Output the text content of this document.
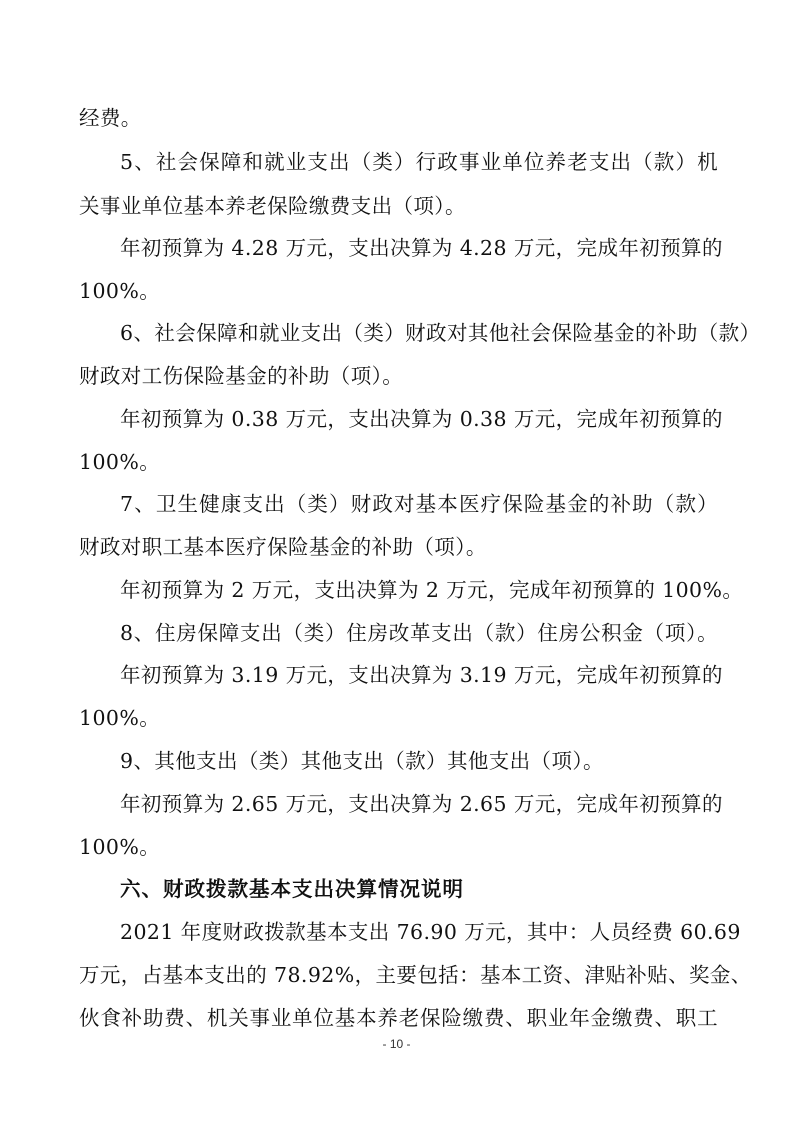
经费。
5、社会保障和就业支出（类）行政事业单位养老支出（款）机
关事业单位基本养老保险缴费支出（项）。
年初预算为 4.28 万元，支出决算为 4.28 万元，完成年初预算的
100%。
6、社会保障和就业支出（类）财政对其他社会保险基金的补助（款）
财政对工伤保险基金的补助（项）。
年初预算为 0.38 万元，支出决算为 0.38 万元，完成年初预算的
100%。
7、卫生健康支出（类）财政对基本医疗保险基金的补助（款）
财政对职工基本医疗保险基金的补助（项）。
年初预算为 2 万元，支出决算为 2 万元，完成年初预算的 100%。
8、住房保障支出（类）住房改革支出（款）住房公积金（项）。
年初预算为 3.19 万元，支出决算为 3.19 万元，完成年初预算的
100%。
9、其他支出（类）其他支出（款）其他支出（项）。
年初预算为 2.65 万元，支出决算为 2.65 万元，完成年初预算的
100%。
六、财政拨款基本支出决算情况说明
2021 年度财政拨款基本支出 76.90 万元，其中：人员经费 60.69
万元，占基本支出的 78.92%，主要包括：基本工资、津贴补贴、奖金、
伙食补助费、机关事业单位基本养老保险缴费、职业年金缴费、职工
- 10 -
